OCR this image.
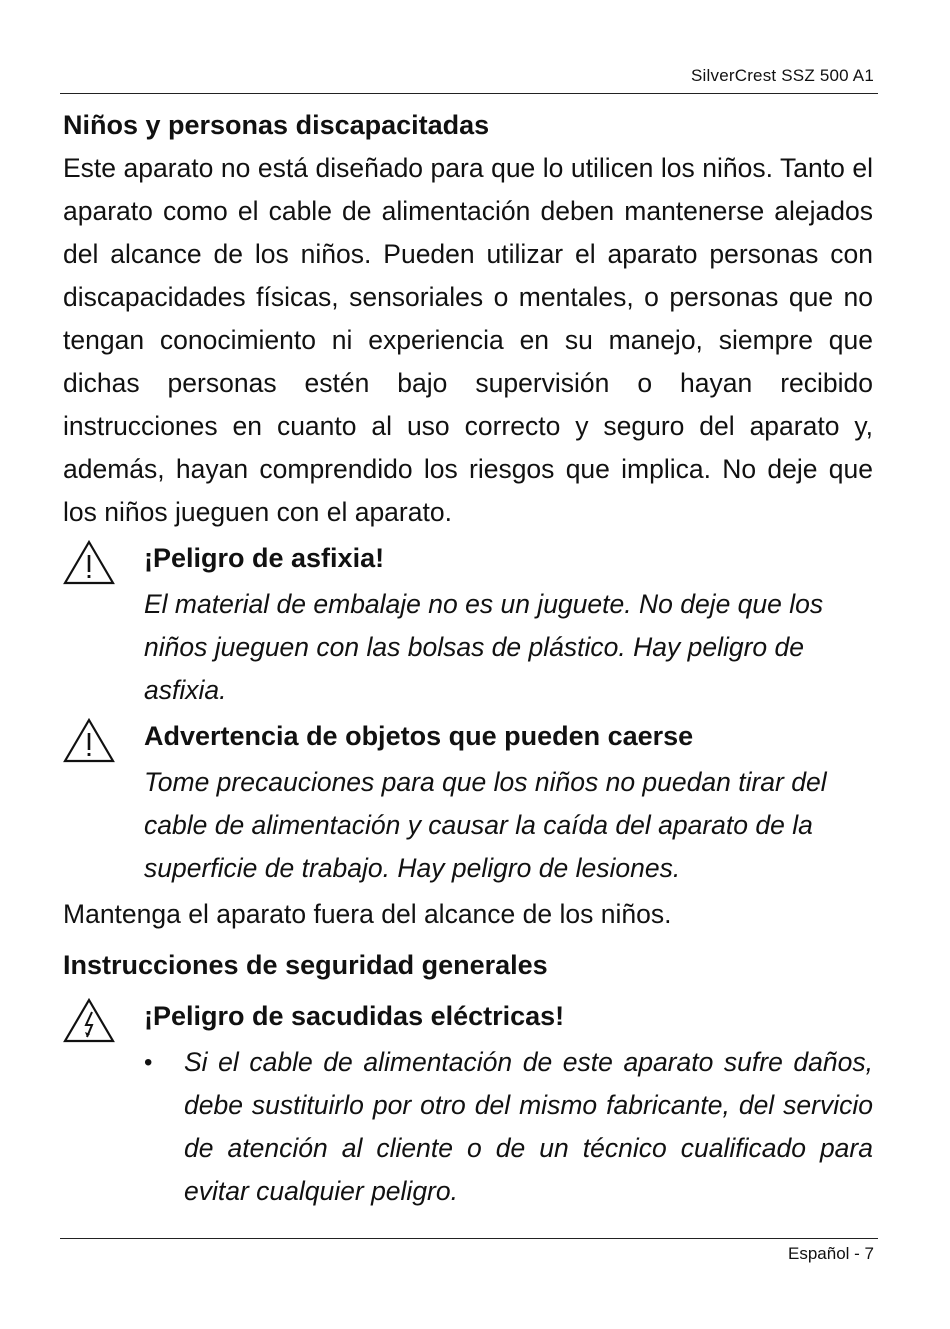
SilverCrest SSZ 500 A1
Niños y personas discapacitadas

Este aparato no está diseñado para que lo utilicen los niños. Tanto el aparato como el cable de alimentación deben mantenerse alejados del alcance de los niños. Pueden utilizar el aparato personas con discapacidades físicas, sensoriales o mentales, o personas que no tengan conocimiento ni experiencia en su manejo, siempre que dichas personas estén bajo supervisión o hayan recibido instrucciones en cuanto al uso correcto y seguro del aparato y, además, hayan comprendido los riesgos que implica. No deje que los niños jueguen con el aparato.

¡Peligro de asfixia!

El material de embalaje no es un juguete. No deje que los niños jueguen con las bolsas de plástico. Hay peligro de asfixia.

Advertencia de objetos que pueden caerse

Tome precauciones para que los niños no puedan tirar del cable de alimentación y causar la caída del aparato de la superficie de trabajo. Hay peligro de lesiones.

Mantenga el aparato fuera del alcance de los niños.

Instrucciones de seguridad generales

¡Peligro de sacudidas eléctricas!

• Si el cable de alimentación de este aparato sufre daños, debe sustituirlo por otro del mismo fabricante, del servicio de atención al cliente o de un técnico cualificado para evitar cualquier peligro.
Español - 7
